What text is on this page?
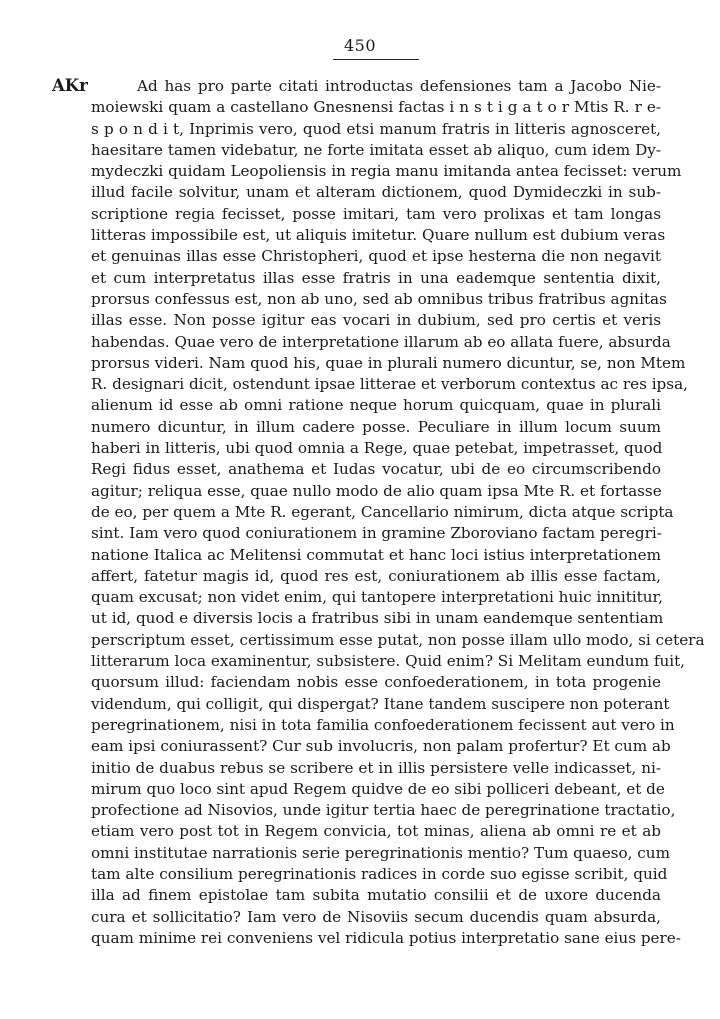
450
AKr	Ad has pro parte citati introductas defensiones tam a Jacobo Nie-
moiewski quam a castellano Gnesnensi factas i n s t i g a t o r Mtis R. r e-
s p o n d i t, Inprimis vero, quod etsi manum fratris in litteris agnosceret,
haesitare tamen videbatur, ne forte imitata esset ab aliquo, cum idem Dy-
mydeczki quidam Leopoliensis in regia manu imitanda antea fecisset: verum
illud facile solvitur, unam et alteram dictionem, quod Dymideczki in sub-
scriptione regia fecisset, posse imitari, tam vero prolixas et tam longas
litteras impossibile est, ut aliquis imitetur. Quare nullum est dubium veras
et genuinas illas esse Christopheri, quod et ipse hesterna die non negavit
et cum interpretatus illas esse fratris in una eademque sententia dixit,
prorsus confessus est, non ab uno, sed ab omnibus tribus fratribus agnitas
illas esse. Non posse igitur eas vocari in dubium, sed pro certis et veris
habendas. Quae vero de interpretatione illarum ab eo allata fuere, absurda
prorsus videri. Nam quod his, quae in plurali numero dicuntur, se, non Mtem
R. designari dicit, ostendunt ipsae litterae et verborum contextus ac res ipsa,
alienum id esse ab omni ratione neque horum quicquam, quae in plurali
numero dicuntur, in illum cadere posse. Peculiare in illum locum suum
haberi in litteris, ubi quod omnia a Rege, quae petebat, impetrasset, quod
Regi fidus esset, anathema et Iudas vocatur, ubi de eo circumscribendo
agitur; reliqua esse, quae nullo modo de alio quam ipsa Mte R. et fortasse
de eo, per quem a Mte R. egerant, Cancellario nimirum, dicta atque scripta
sint. Iam vero quod coniurationem in gramine Zboroviano factam peregri-
natione Italica ac Melitensi commutat et hanc loci istius interpretationem
affert, fatetur magis id, quod res est, coniurationem ab illis esse factam,
quam excusat; non videt enim, qui tantopere interpretationi huic innititur,
ut id, quod e diversis locis a fratribus sibi in unam eandemque sententiam
perscriptum esset, certissimum esse putat, non posse illam ullo modo, si cetera
litterarum loca examinentur, subsistere. Quid enim? Si Melitam eundum fuit,
quorsum illud: faciendam nobis esse confoederationem, in tota progenie
videndum, qui colligit, qui dispergat? Itane tandem suscipere non poterant
peregrinationem, nisi in tota familia confoederationem fecissent aut vero in
eam ipsi coniurassent? Cur sub involucris, non palam profertur? Et cum ab
initio de duabus rebus se scribere et in illis persistere velle indicasset, ni-
mirum quo loco sint apud Regem quidve de eo sibi polliceri debeant, et de
profectione ad Nisovios, unde igitur tertia haec de peregrinatione tractatio,
etiam vero post tot in Regem convicia, tot minas, aliena ab omni re et ab
omni institutae narrationis serie peregrinationis mentio? Tum quaeso, cum
tam alte consilium peregrinationis radices in corde suo egisse scribit, quid
illa ad finem epistolae tam subita mutatio consilii et de uxore ducenda
cura et sollicitatio? Iam vero de Nisoviis secum ducendis quam absurda,
quam minime rei conveniens vel ridicula potius interpretatio sane eius pere-
